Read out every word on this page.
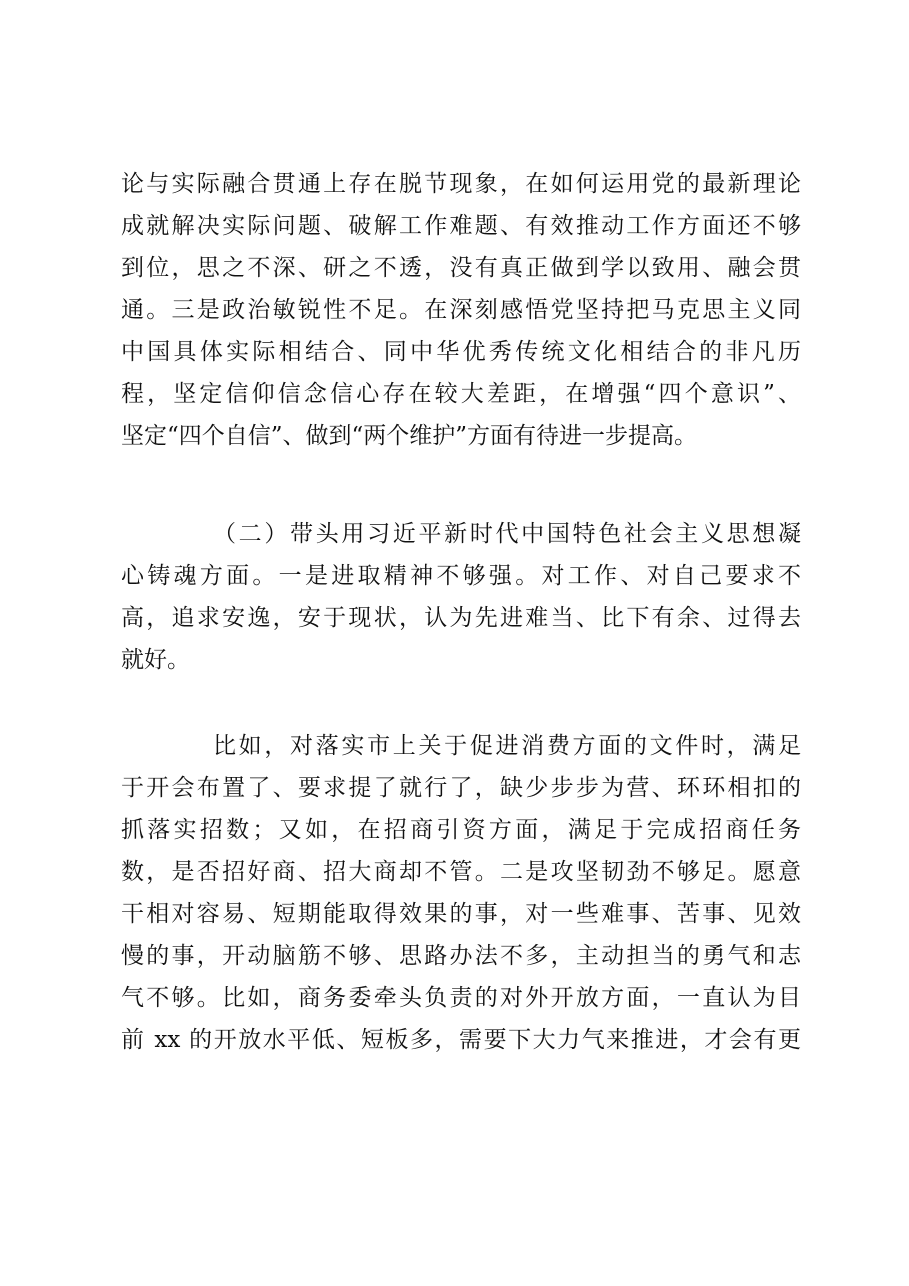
论与实际融合贯通上存在脱节现象，在如何运用党的最新理论
成就解决实际问题、破解工作难题、有效推动工作方面还不够
到位，思之不深、研之不透，没有真正做到学以致用、融会贯
通。三是政治敏锐性不足。在深刻感悟党坚持把马克思主义同
中国具体实际相结合、同中华优秀传统文化相结合的非凡历
程，坚定信仰信念信心存在较大差距，在增强“四个意识”、
坚定“四个自信”、做到“两个维护”方面有待进一步提高。
（二）带头用习近平新时代中国特色社会主义思想凝
心铸魂方面。一是进取精神不够强。对工作、对自己要求不
高，追求安逸，安于现状，认为先进难当、比下有余、过得去
就好。
比如，对落实市上关于促进消费方面的文件时，满足
于开会布置了、要求提了就行了，缺少步步为营、环环相扣的
抓落实招数；又如，在招商引资方面，满足于完成招商任务
数，是否招好商、招大商却不管。二是攻坚韧劲不够足。愿意
干相对容易、短期能取得效果的事，对一些难事、苦事、见效
慢的事，开动脑筋不够、思路办法不多，主动担当的勇气和志
气不够。比如，商务委牵头负责的对外开放方面，一直认为目
前 xx 的开放水平低、短板多，需要下大力气来推进，才会有更
